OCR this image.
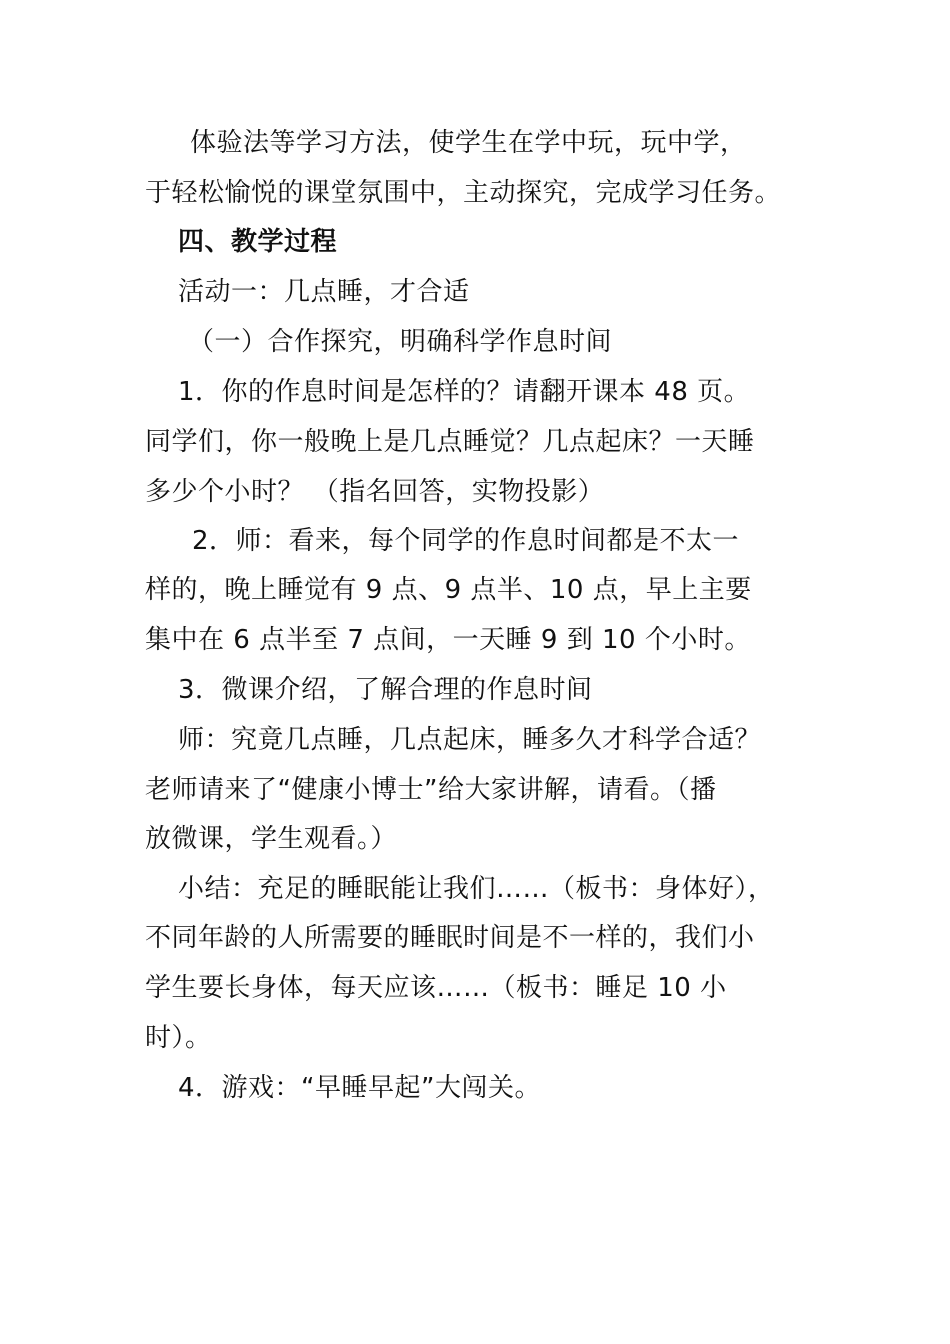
体验法等学习方法，使学生在学中玩，玩中学，
于轻松愉悦的课堂氛围中，主动探究，完成学习任务。
四、教学过程
活动一：几点睡，才合适
（一）合作探究，明确科学作息时间
1．你的作息时间是怎样的？请翻开课本 48 页。
同学们，你一般晚上是几点睡觉？几点起床？一天睡
多少个小时？ （指名回答，实物投影）
2．师：看来，每个同学的作息时间都是不太一
样的，晚上睡觉有 9 点、9 点半、10 点，早上主要
集中在 6 点半至 7 点间，一天睡 9 到 10 个小时。
3．微课介绍，了解合理的作息时间
师：究竟几点睡，几点起床，睡多久才科学合适？
老师请来了“健康小博士”给大家讲解，请看。（播
放微课，学生观看。）
小结：充足的睡眠能让我们……（板书：身体好），
不同年龄的人所需要的睡眠时间是不一样的，我们小
学生要长身体，每天应该……（板书：睡足 10 小
时）。
4．游戏：“早睡早起”大闯关。
